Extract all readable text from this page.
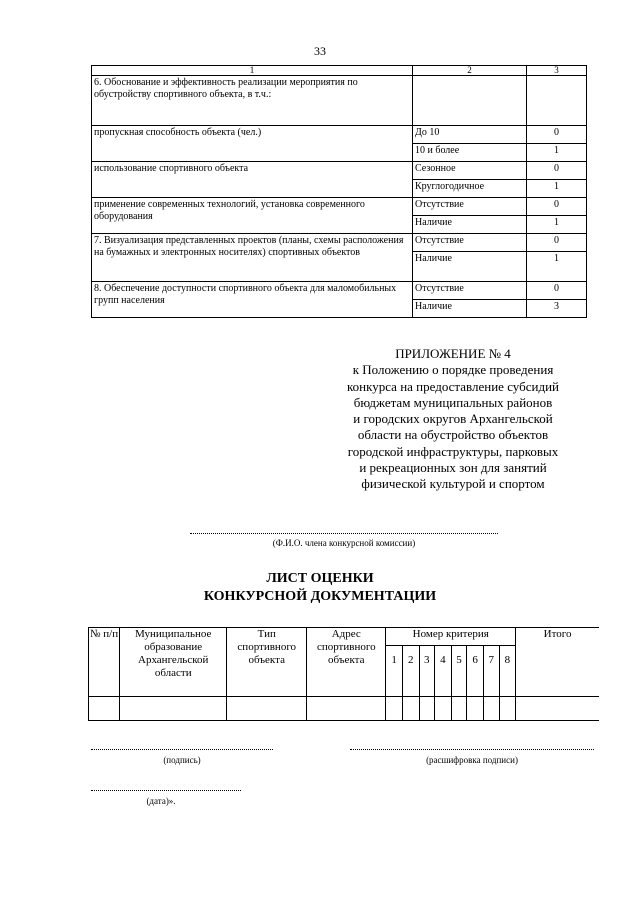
33
1	2	3
6. Обоснование и эффективность реализации мероприятия по обустройству спортивного объекта, в т.ч.:		
пропускная способность объекта (чел.)	До 10	0
	10 и более	1
использование спортивного объекта	Сезонное	0
	Круглогодичное	1
применение современных технологий, установка современного оборудования	Отсутствие	0
	Наличие	1
7. Визуализация представленных проектов (планы, схемы расположения на бумажных и электронных носителях) спортивных объектов	Отсутствие	0
	Наличие	1
8. Обеспечение доступности спортивного объекта для маломобильных групп населения	Отсутствие	0
	Наличие	3
ПРИЛОЖЕНИЕ № 4
к Положению о порядке проведения
конкурса на предоставление субсидий
бюджетам муниципальных районов
и городских округов Архангельской
области на обустройство объектов
городской инфраструктуры, парковых
и рекреационных зон для занятий
физической культурой и спортом
(Ф.И.О. члена конкурсной комиссии)
ЛИСТ ОЦЕНКИ
КОНКУРСНОЙ ДОКУМЕНТАЦИИ
№ п/п	Муниципальное образование Архангельской области	Тип спортивного объекта	Адрес спортивного объекта	Номер критерия								Итого
				1	2	3	4	5	6	7	8	

(подпись)	(расшифровка подписи)
(дата)».
